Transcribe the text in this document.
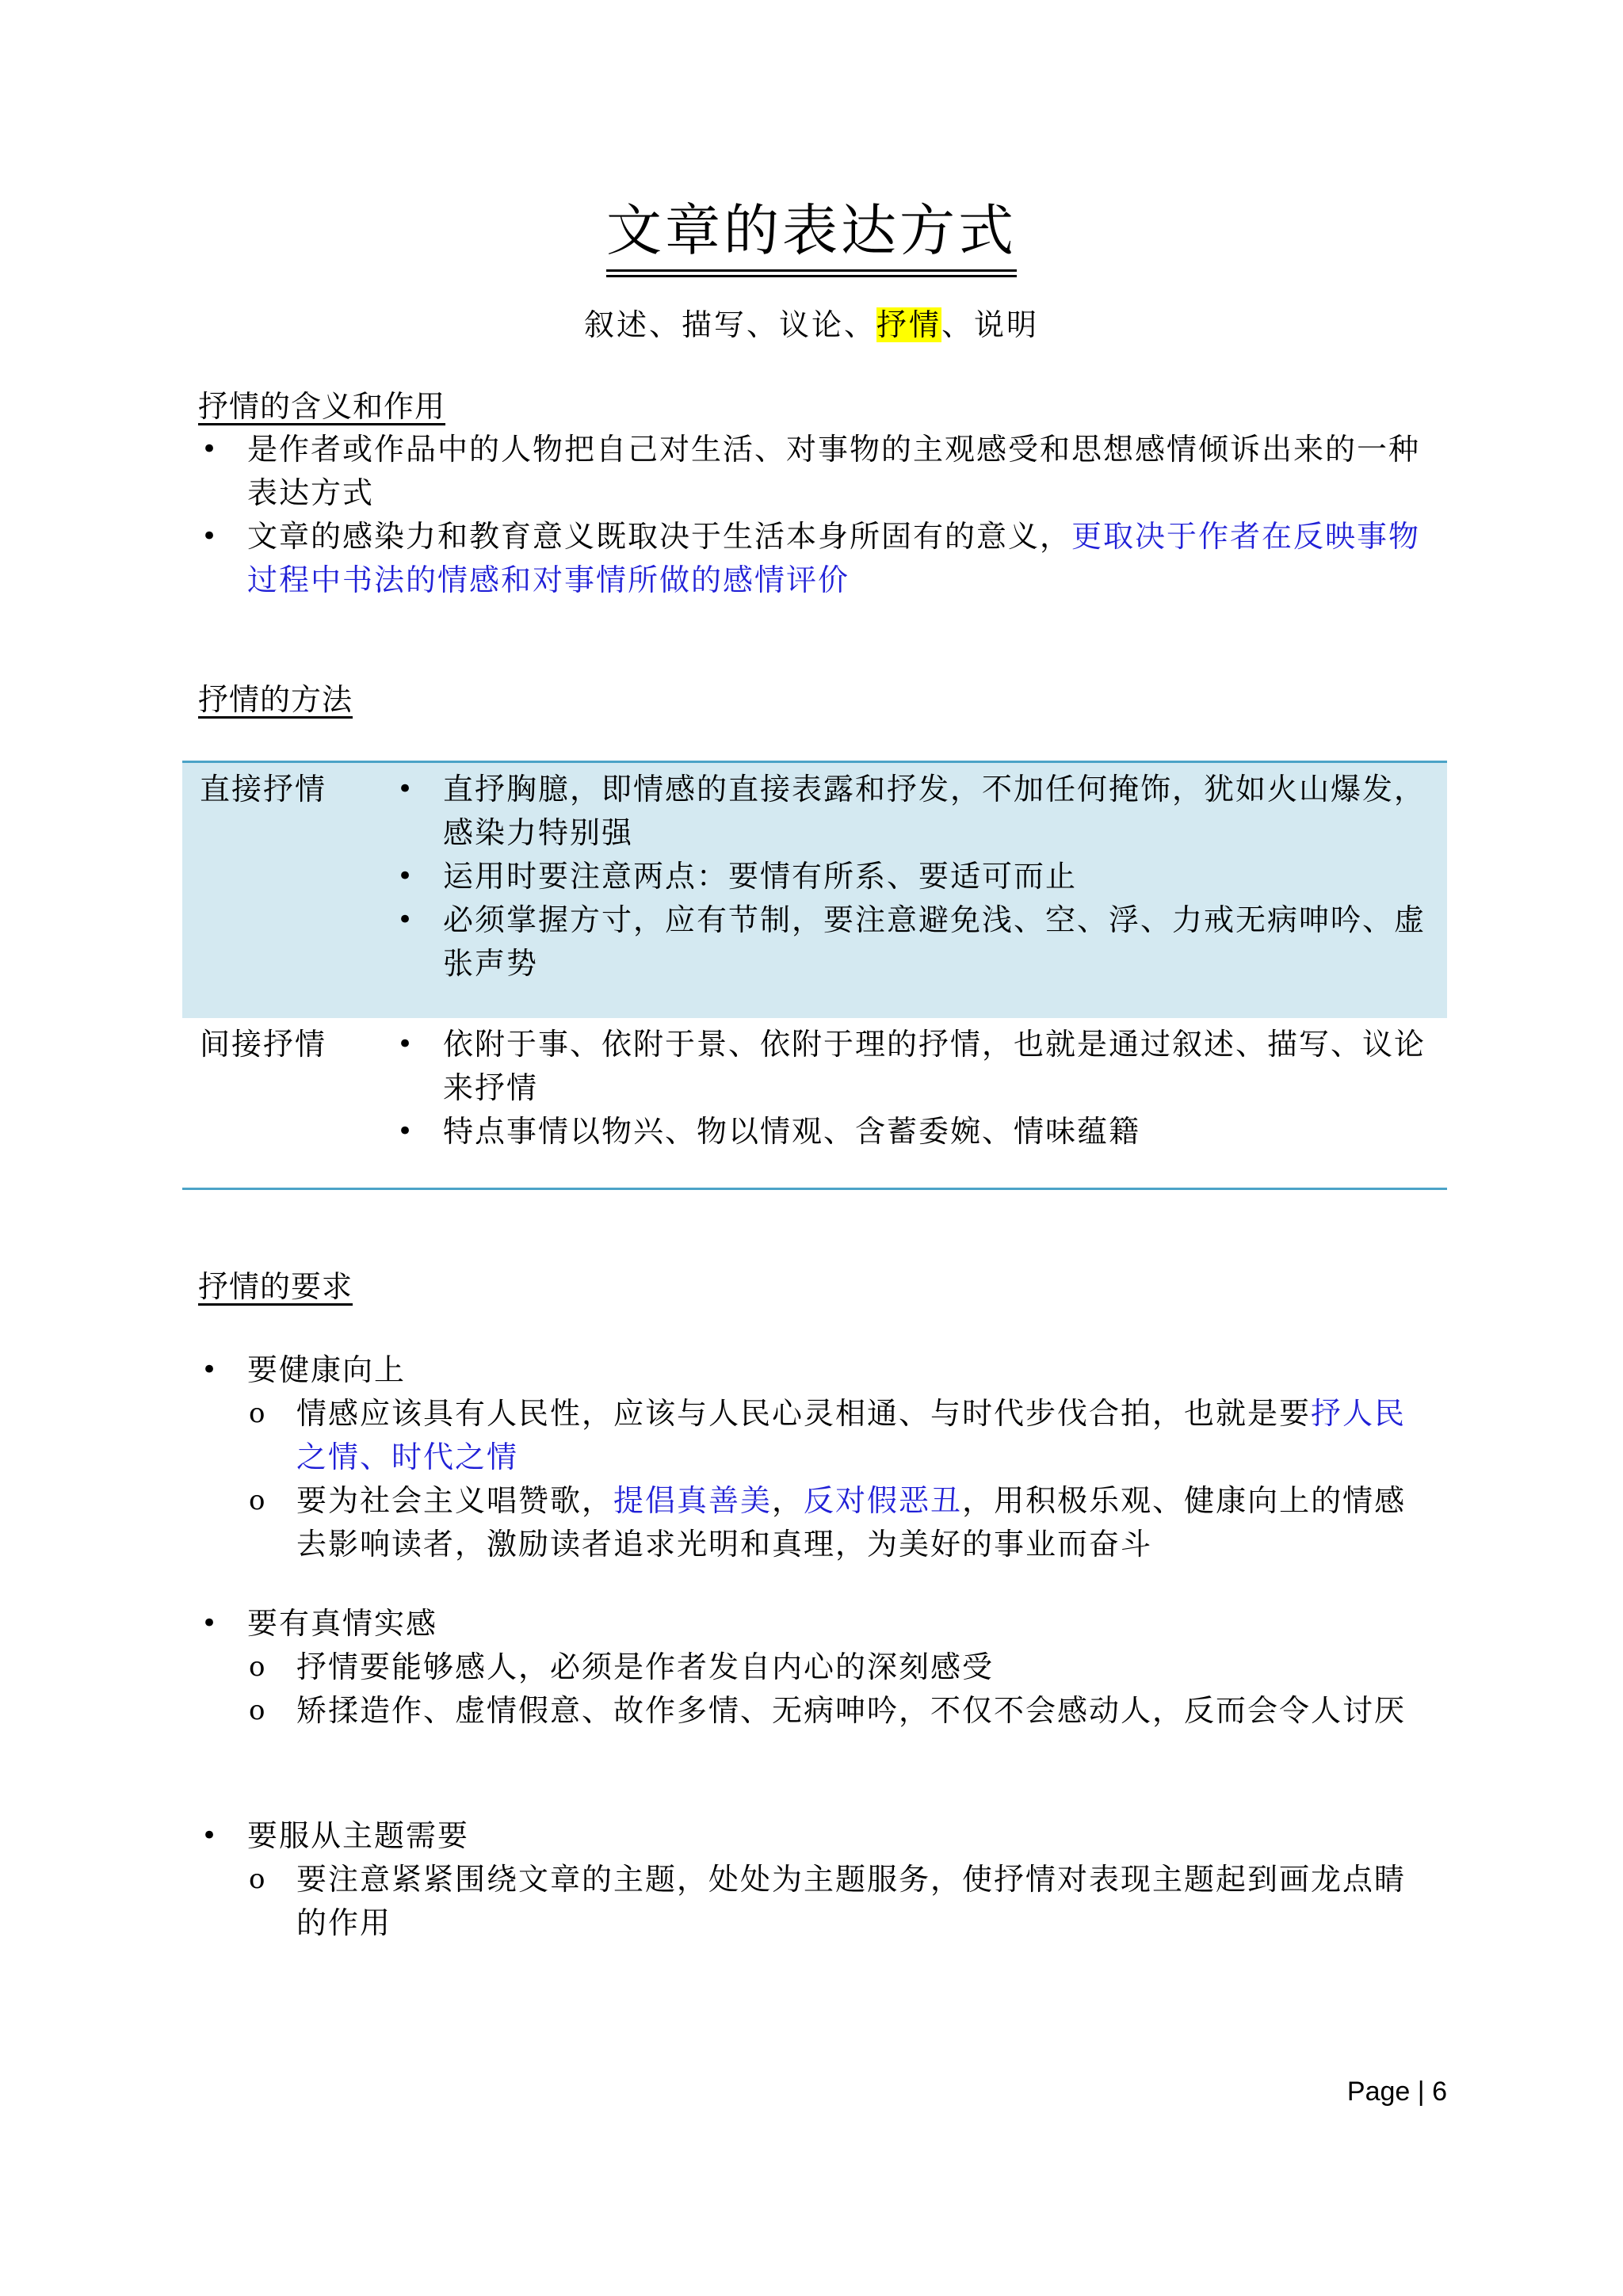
文章的表达方式
叙述、描写、议论、抒情、说明
抒情的含义和作用
• 是作者或作品中的人物把自己对生活、对事物的主观感受和思想感情倾诉出来的一种表达方式
• 文章的感染力和教育意义既取决于生活本身所固有的意义，更取决于作者在反映事物过程中书法的情感和对事情所做的感情评价
抒情的方法
直接抒情	• 直抒胸臆，即情感的直接表露和抒发，不加任何掩饰，犹如火山爆发，感染力特别强
• 运用时要注意两点：要情有所系、要适可而止
• 必须掌握方寸，应有节制，要注意避免浅、空、浮、力戒无病呻吟、虚张声势
间接抒情	• 依附于事、依附于景、依附于理的抒情，也就是通过叙述、描写、议论来抒情
• 特点事情以物兴、物以情观、含蓄委婉、情味蕴籍
抒情的要求
• 要健康向上
o 情感应该具有人民性，应该与人民心灵相通、与时代步伐合拍，也就是要抒人民之情、时代之情
o 要为社会主义唱赞歌，提倡真善美，反对假恶丑，用积极乐观、健康向上的情感去影响读者，激励读者追求光明和真理，为美好的事业而奋斗
• 要有真情实感
o 抒情要能够感人，必须是作者发自内心的深刻感受
o 矫揉造作、虚情假意、故作多情、无病呻吟，不仅不会感动人，反而会令人讨厌
• 要服从主题需要
o 要注意紧紧围绕文章的主题，处处为主题服务，使抒情对表现主题起到画龙点睛的作用
Page | 6
